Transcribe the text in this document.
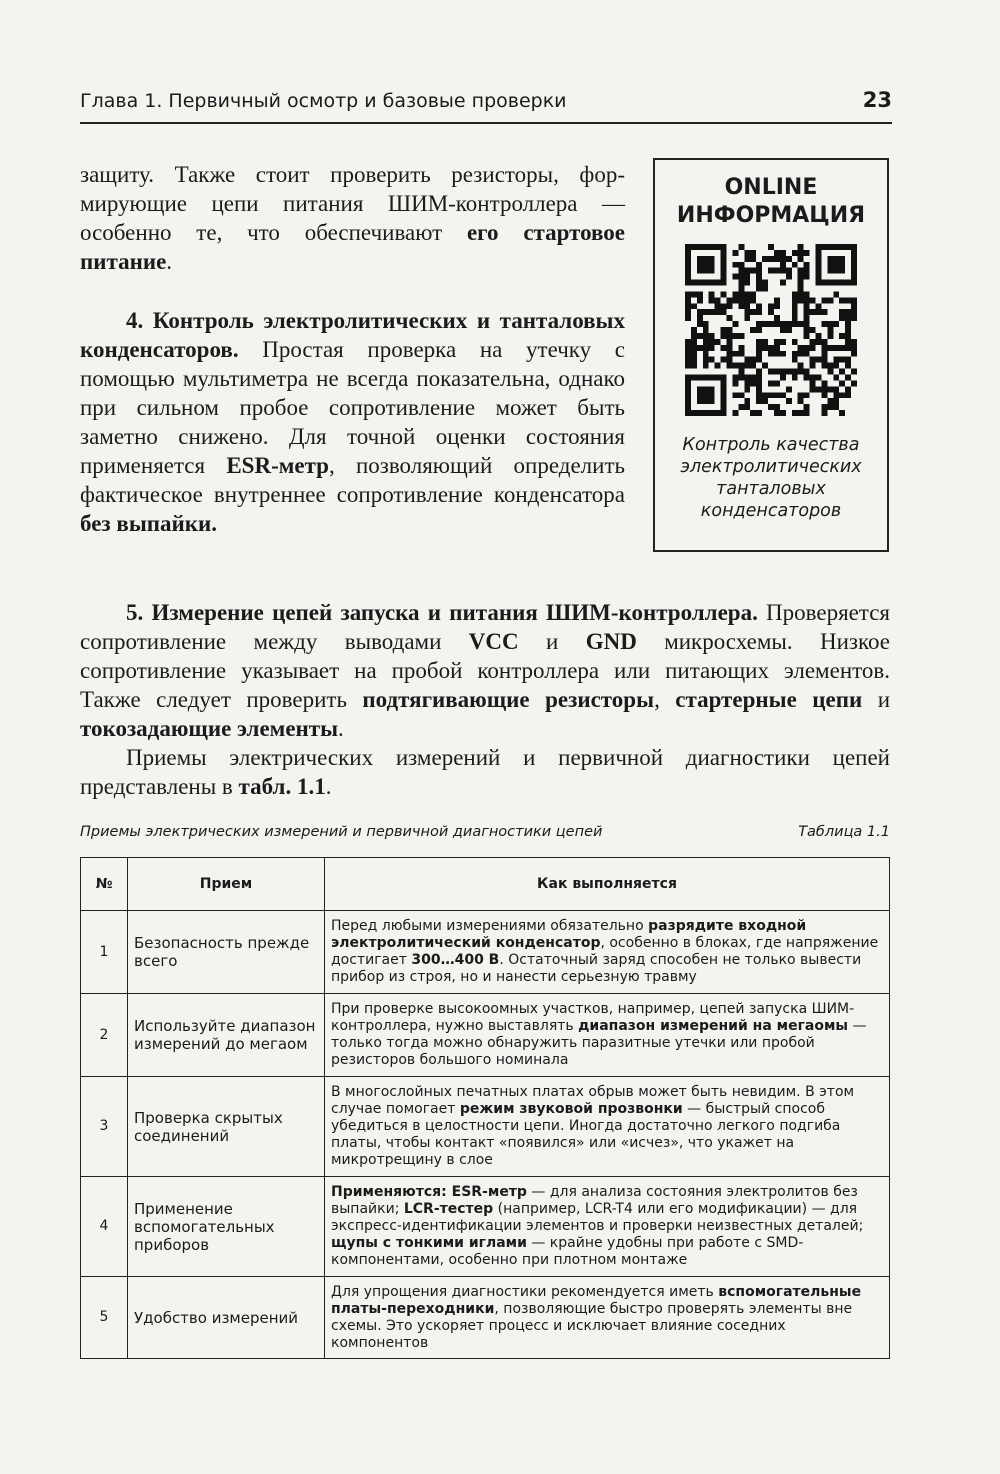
Глава 1. Первичный осмотр и базовые проверки	23

защиту. Также стоит проверить резисторы, формирующие цепи питания ШИМ-контроллера — особенно те, что обеспечивают его стартовое питание.

4. Контроль электролитических и танталовых конденсаторов. Простая проверка на утечку с помощью мультиметра не всегда показательна, однако при сильном пробое сопротивление может быть заметно снижено. Для точной оценки состояния применяется ESR-метр, позволяющий определить фактическое внутреннее сопротивление конденсатора без выпайки.

ONLINE
ИНФОРМАЦИЯ
Контроль качества электролитических танталовых конденсаторов

5. Измерение цепей запуска и питания ШИМ-контроллера. Проверяется сопротивление между выводами VCC и GND микросхемы. Низкое сопротивление указывает на пробой контроллера или питающих элементов. Также следует проверить подтягивающие резисторы, стартерные цепи и токозадающие элементы.

Приемы электрических измерений и первичной диагностики цепей представлены в табл. 1.1.

Приемы электрических измерений и первичной диагностики цепей	Таблица 1.1
№	Прием	Как выполняется
1	Безопасность прежде всего	Перед любыми измерениями обязательно разрядите входной электролитический конденсатор, особенно в блоках, где напряжение достигает 300…400 В. Остаточный заряд способен не только вывести прибор из строя, но и нанести серьезную травму
2	Используйте диапазон измерений до мегаом	При проверке высокоомных участков, например, цепей запуска ШИМ-контроллера, нужно выставлять диапазон измерений на мегаомы — только тогда можно обнаружить паразитные утечки или пробой резисторов большого номинала
3	Проверка скрытых соединений	В многослойных печатных платах обрыв может быть невидим. В этом случае помогает режим звуковой прозвонки — быстрый способ убедиться в целостности цепи. Иногда достаточно легкого подгиба платы, чтобы контакт «появился» или «исчез», что укажет на микротрещину в слое
4	Применение вспомогательных приборов	Применяются: ESR-метр — для анализа состояния электролитов без выпайки; LCR-тестер (например, LCR-T4 или его модификации) — для экспресс-идентификации элементов и проверки неизвестных деталей; щупы с тонкими иглами — крайне удобны при работе с SMD-компонентами, особенно при плотном монтаже
5	Удобство измерений	Для упрощения диагностики рекомендуется иметь вспомогательные платы-переходники, позволяющие быстро проверять элементы вне схемы. Это ускоряет процесс и исключает влияние соседних компонентов
